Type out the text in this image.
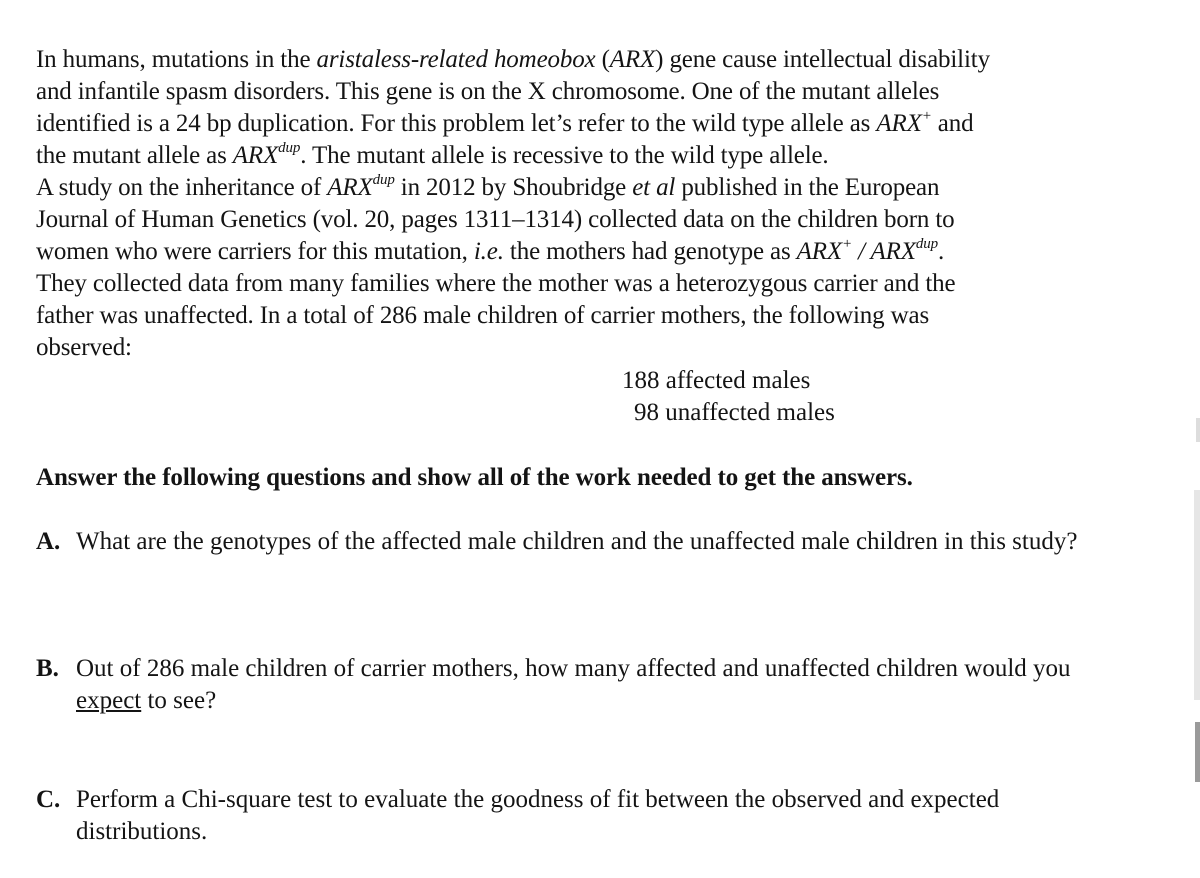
In humans, mutations in the aristaless-related homeobox (ARX) gene cause intellectual disability

and infantile spasm disorders. This gene is on the X chromosome. One of the mutant alleles

identified is a 24 bp duplication. For this problem let’s refer to the wild type allele as ARX+ and

the mutant allele as $ARX^{dup}$. The mutant allele is recessive to the wild type allele.

A study on the inheritance of $ARX^{dup}$ in 2012 by Shoubridge et al published in the European

Journal of Human Genetics (vol. 20, pages 1311–1314) collected data on the children born to

women who were carriers for this mutation, i.e. the mothers had genotype as $ARX^+ / ARX^{dup}$.

They collected data from many families where the mother was a heterozygous carrier and the

father was unaffected. In a total of 286 male children of carrier mothers, the following was

observed:

188 affected males
98 unaffected males
Answer the following questions and show all of the work needed to get the answers.
A. What are the genotypes of the affected male children and the unaffected male children in this study?
B. Out of 286 male children of carrier mothers, how many affected and unaffected children would you expect to see?
C. Perform a Chi-square test to evaluate the goodness of fit between the observed and expected distributions.
